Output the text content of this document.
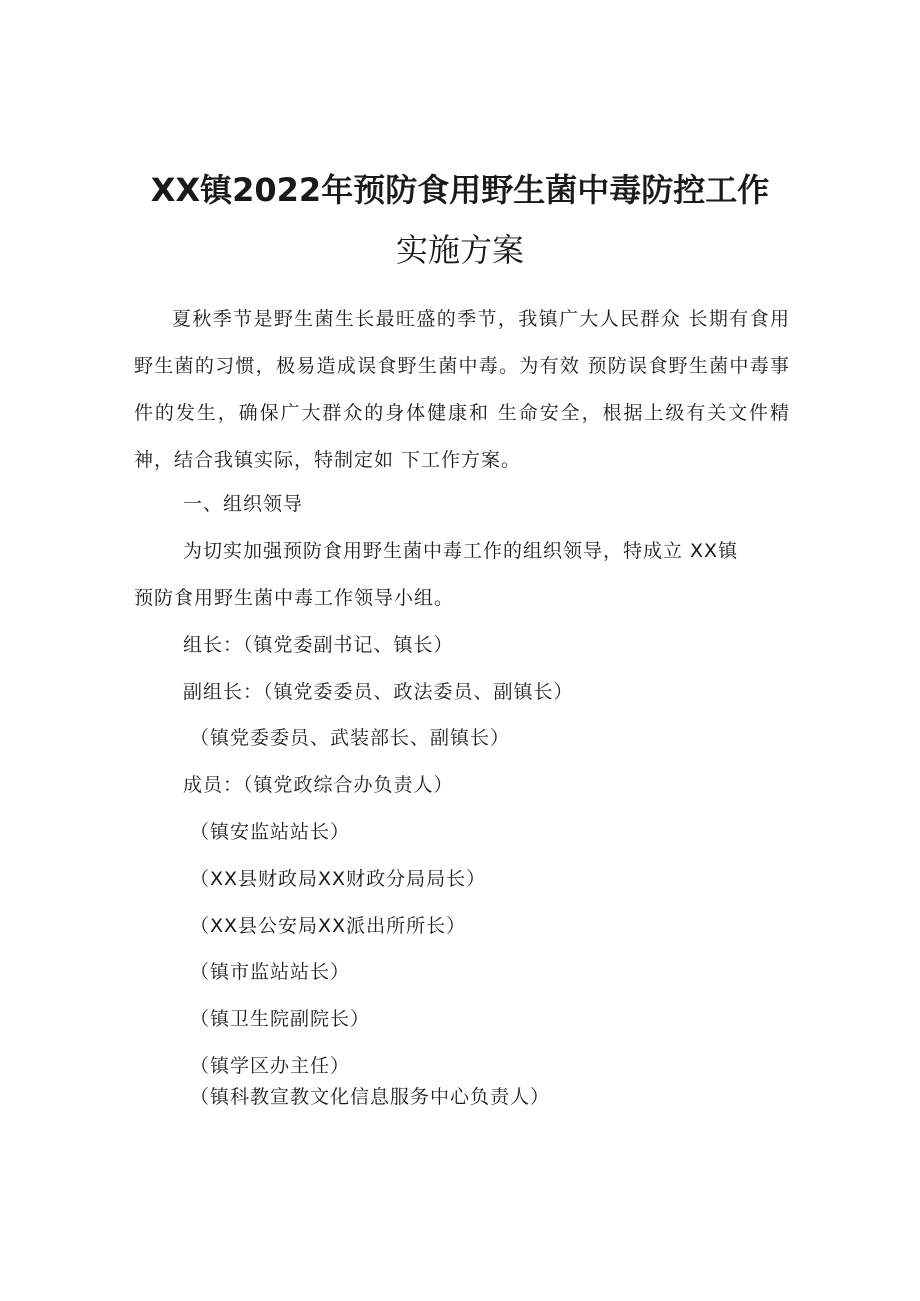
XX镇2022年预防食用野生菌中毒防控工作
实施方案

夏秋季节是野生菌生长最旺盛的季节，我镇广大人民群众 长期有食用野生菌的习惯，极易造成误食野生菌中毒。为有效 预防误食野生菌中毒事件的发生，确保广大群众的身体健康和 生命安全，根据上级有关文件精神，结合我镇实际，特制定如 下工作方案。

一、组织领导

为切实加强预防食用野生菌中毒工作的组织领导，特成立 XX镇

预防食用野生菌中毒工作领导小组。

组长：（镇党委副书记、镇长）

副组长：（镇党委委员、政法委员、副镇长）

（镇党委委员、武装部长、副镇长）

成员：（镇党政综合办负责人）

（镇安监站站长）

（XX县财政局XX财政分局局长）

（XX县公安局XX派出所所长）

（镇市监站站长）

（镇卫生院副院长）

（镇学区办主任）

（镇科教宣教文化信息服务中心负责人）
